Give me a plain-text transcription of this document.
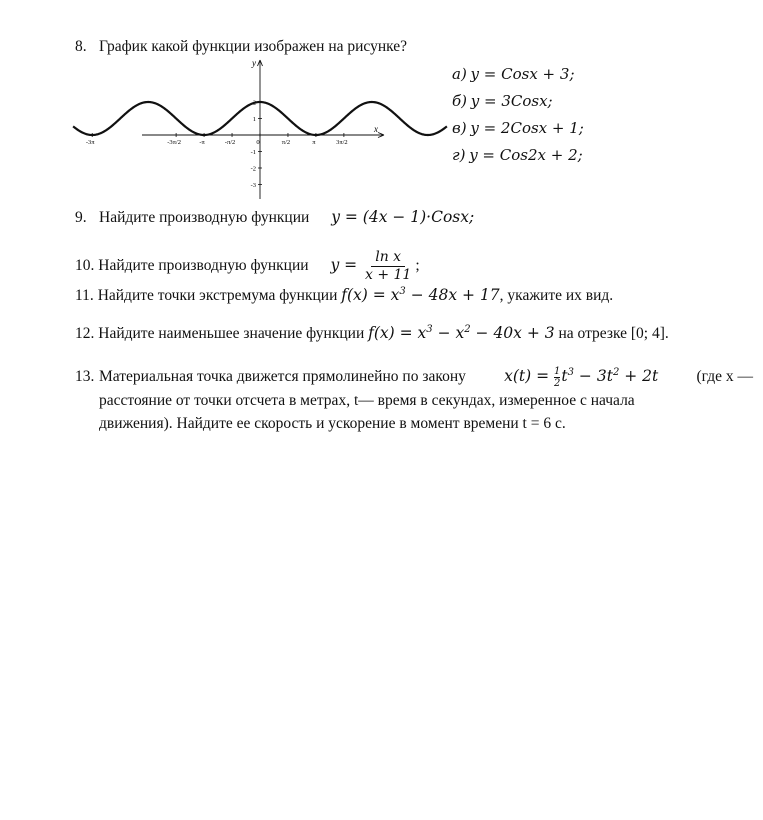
8. График какой функции изображен на рисунке?
-3π	-3π/2	-π	-π/2	0	π/2	π	3π/2
2
1
-1
-2
-3
y
x
а) y = Cosx + 3;
б) y = 3Cosx;
в) y = 2Cosx + 1;
г) y = Cos2x + 2;
9. Найдите производную функции y = (4x − 1)·Cosx;
10. Найдите производную функции $y = \frac{\text{ln x}}{x + 11}$ ;
11. Найдите точки экстремума функции $f(x) = x^3 - 48x + 17$, укажите их вид.
12. Найдите наименьшее значение функции $f(x) = x^3 - x^2 - 40x + 3$ на отрезке [0; 4].
13. Материальная точка движется прямолинейно по закону $x(t) = \frac{1}{2} t^3 - 3t^2 + 2t$ (где x —
расстояние от точки отсчета в метрах, t— время в секундах, измеренное с начала
движения). Найдите ее скорость и ускорение в момент времени t = 6 с.
